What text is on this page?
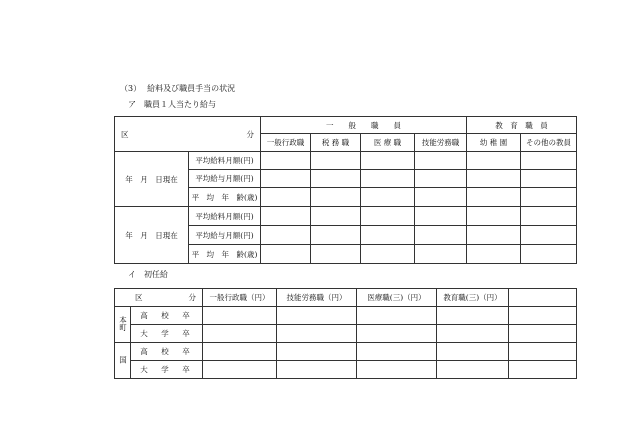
（3） 給料及び職員手当の状況
ア　職員１人当たり給与
区 分		一　　般　　職　　員				教　育　職　員	
		一般行政職	税 務 職	医 療 職	技能労務職	幼 稚 園	その他の教員
年　月　日現在	平均給料月額(円)						
	平均給与月額(円)						
	平　均　年　齢(歳)						
年　月　日現在	平均給料月額(円)						
	平均給与月額(円)						
	平　均　年　齢(歳)						
イ　初任給
区 分		一般行政職（円）	技能労務職（円）	医療職(三)（円）	教育職(三)（円）	
本町	高　校　卒					
	大　学　卒					
国	高　校　卒					
	大　学　卒					
